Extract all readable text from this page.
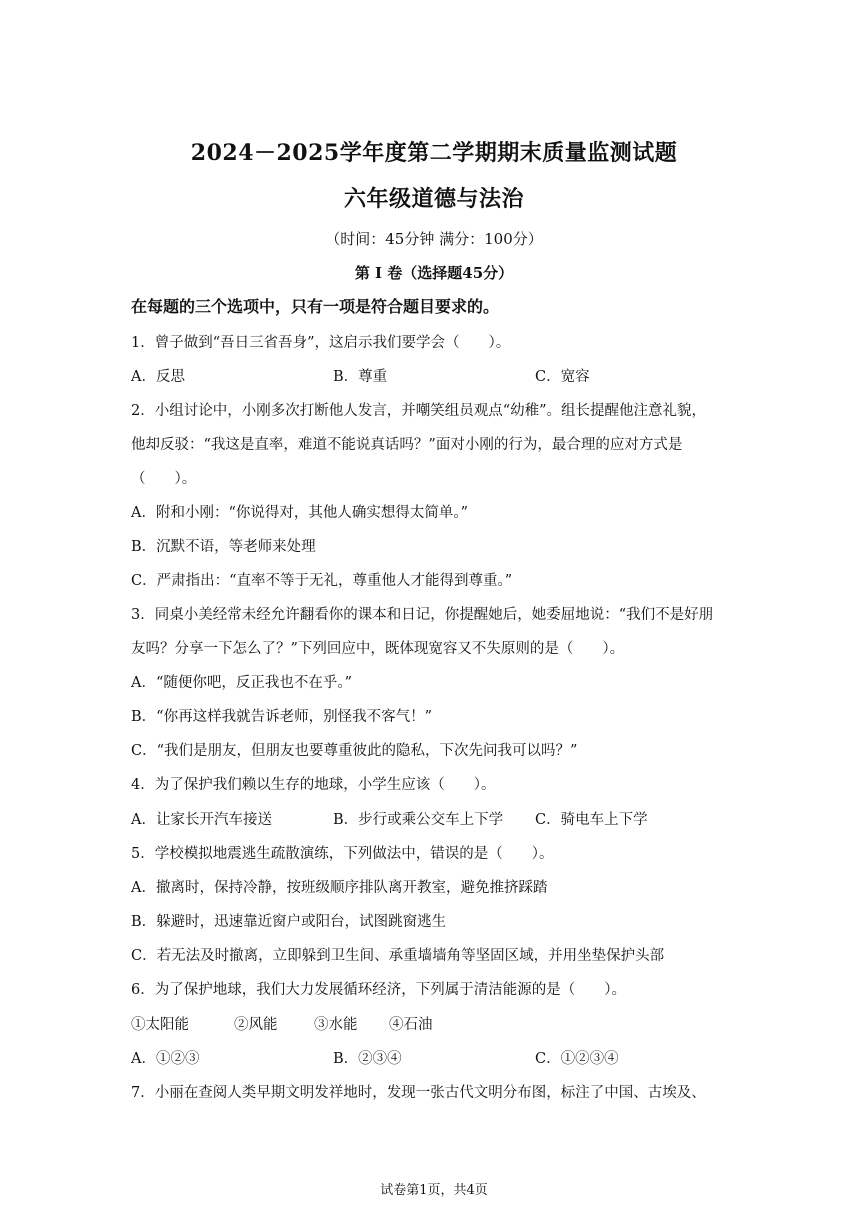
2024－2025学年度第二学期期末质量监测试题
六年级道德与法治
（时间：45分钟 满分：100分）
第 I 卷（选择题45分）
在每题的三个选项中，只有一项是符合题目要求的。
1．曾子做到“吾日三省吾身”，这启示我们要学会（　　）。
A．反思	B．尊重	C．宽容
2．小组讨论中，小刚多次打断他人发言，并嘲笑组员观点“幼稚”。组长提醒他注意礼貌，
他却反驳：“我这是直率，难道不能说真话吗？”面对小刚的行为，最合理的应对方式是
（　　）。
A．附和小刚：“你说得对，其他人确实想得太简单。”
B．沉默不语，等老师来处理
C．严肃指出：“直率不等于无礼，尊重他人才能得到尊重。”
3．同桌小美经常未经允许翻看你的课本和日记，你提醒她后，她委屈地说：“我们不是好朋
友吗？分享一下怎么了？”下列回应中，既体现宽容又不失原则的是（　　）。
A．“随便你吧，反正我也不在乎。”
B．“你再这样我就告诉老师，别怪我不客气！”
C．“我们是朋友，但朋友也要尊重彼此的隐私，下次先问我可以吗？”
4．为了保护我们赖以生存的地球，小学生应该（　　）。
A．让家长开汽车接送	B．步行或乘公交车上下学 C．骑电车上下学
5．学校模拟地震逃生疏散演练，下列做法中，错误的是（　　）。
A．撤离时，保持冷静，按班级顺序排队离开教室，避免推挤踩踏
B．躲避时，迅速靠近窗户或阳台，试图跳窗逃生
C．若无法及时撤离，立即躲到卫生间、承重墙墙角等坚固区域，并用坐垫保护头部
6．为了保护地球，我们大力发展循环经济，下列属于清洁能源的是（　　）。
①太阳能	②风能	③水能 ④石油
A．①②③	B．②③④	C．①②③④
7．小丽在查阅人类早期文明发祥地时，发现一张古代文明分布图，标注了中国、古埃及、
试卷第1页，共4页
